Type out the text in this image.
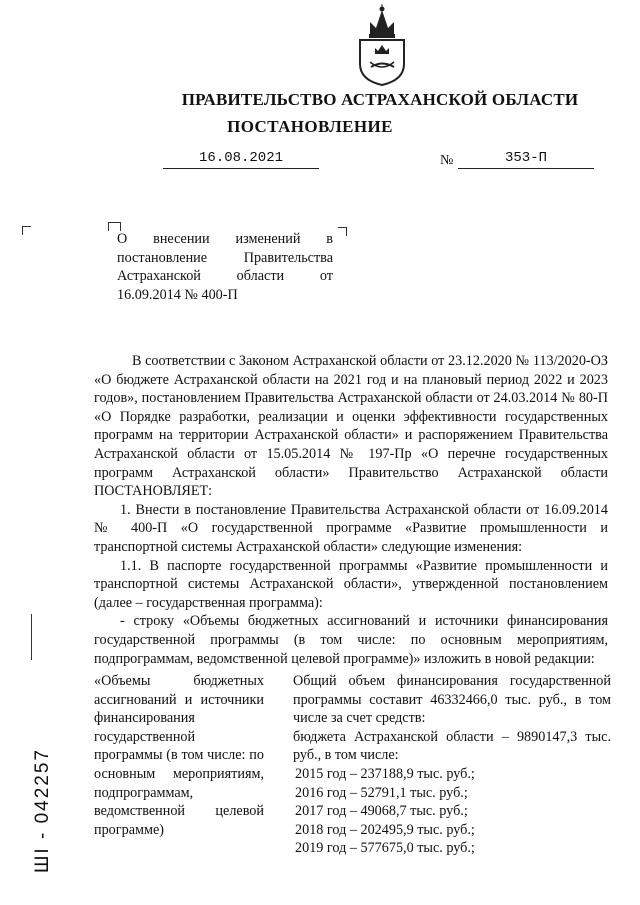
ПРАВИТЕЛЬСТВО АСТРАХАНСКОЙ ОБЛАСТИ
ПОСТАНОВЛЕНИЕ
16.08.2021	№	353-П
О внесении изменений в постановление Правительства Астраханской области от 16.09.2014 № 400-П

В соответствии с Законом Астраханской области от 23.12.2020 № 113/2020-ОЗ «О бюджете Астраханской области на 2021 год и на плановый период 2022 и 2023 годов», постановлением Правительства Астраханской области от 24.03.2014 № 80-П «О Порядке разработки, реализации и оценки эффективности государственных программ на территории Астраханской области» и распоряжением Правительства Астраханской области от 15.05.2014 № 197-Пр «О перечне государственных программ Астраханской области» Правительство Астраханской области ПОСТАНОВЛЯЕТ:

1. Внести в постановление Правительства Астраханской области от 16.09.2014 № 400-П «О государственной программе «Развитие промышленности и транспортной системы Астраханской области» следующие изменения:

1.1. В паспорте государственной программы «Развитие промышленности и транспортной системы Астраханской области», утвержденной постановлением (далее – государственная программа):

- строку «Объемы бюджетных ассигнований и источники финансирования государственной программы (в том числе: по основным мероприятиям, подпрограммам, ведомственной целевой программе)» изложить в новой редакции:

«Объемы бюджетных ассигнований и источники финансирования государственной программы (в том числе: по основным мероприятиям, подпрограммам, ведомственной целевой программе)

Общий объем финансирования государственной программы составит 46332466,0 тыс. руб., в том числе за счет средств:

бюджета Астраханской области – 9890147,3 тыс. руб., в том числе:

2015 год – 237188,9 тыс. руб.;

2016 год – 52791,1 тыс. руб.;

2017 год – 49068,7 тыс. руб.;

2018 год – 202495,9 тыс. руб.;

2019 год – 577675,0 тыс. руб.;

ШI - 042257
